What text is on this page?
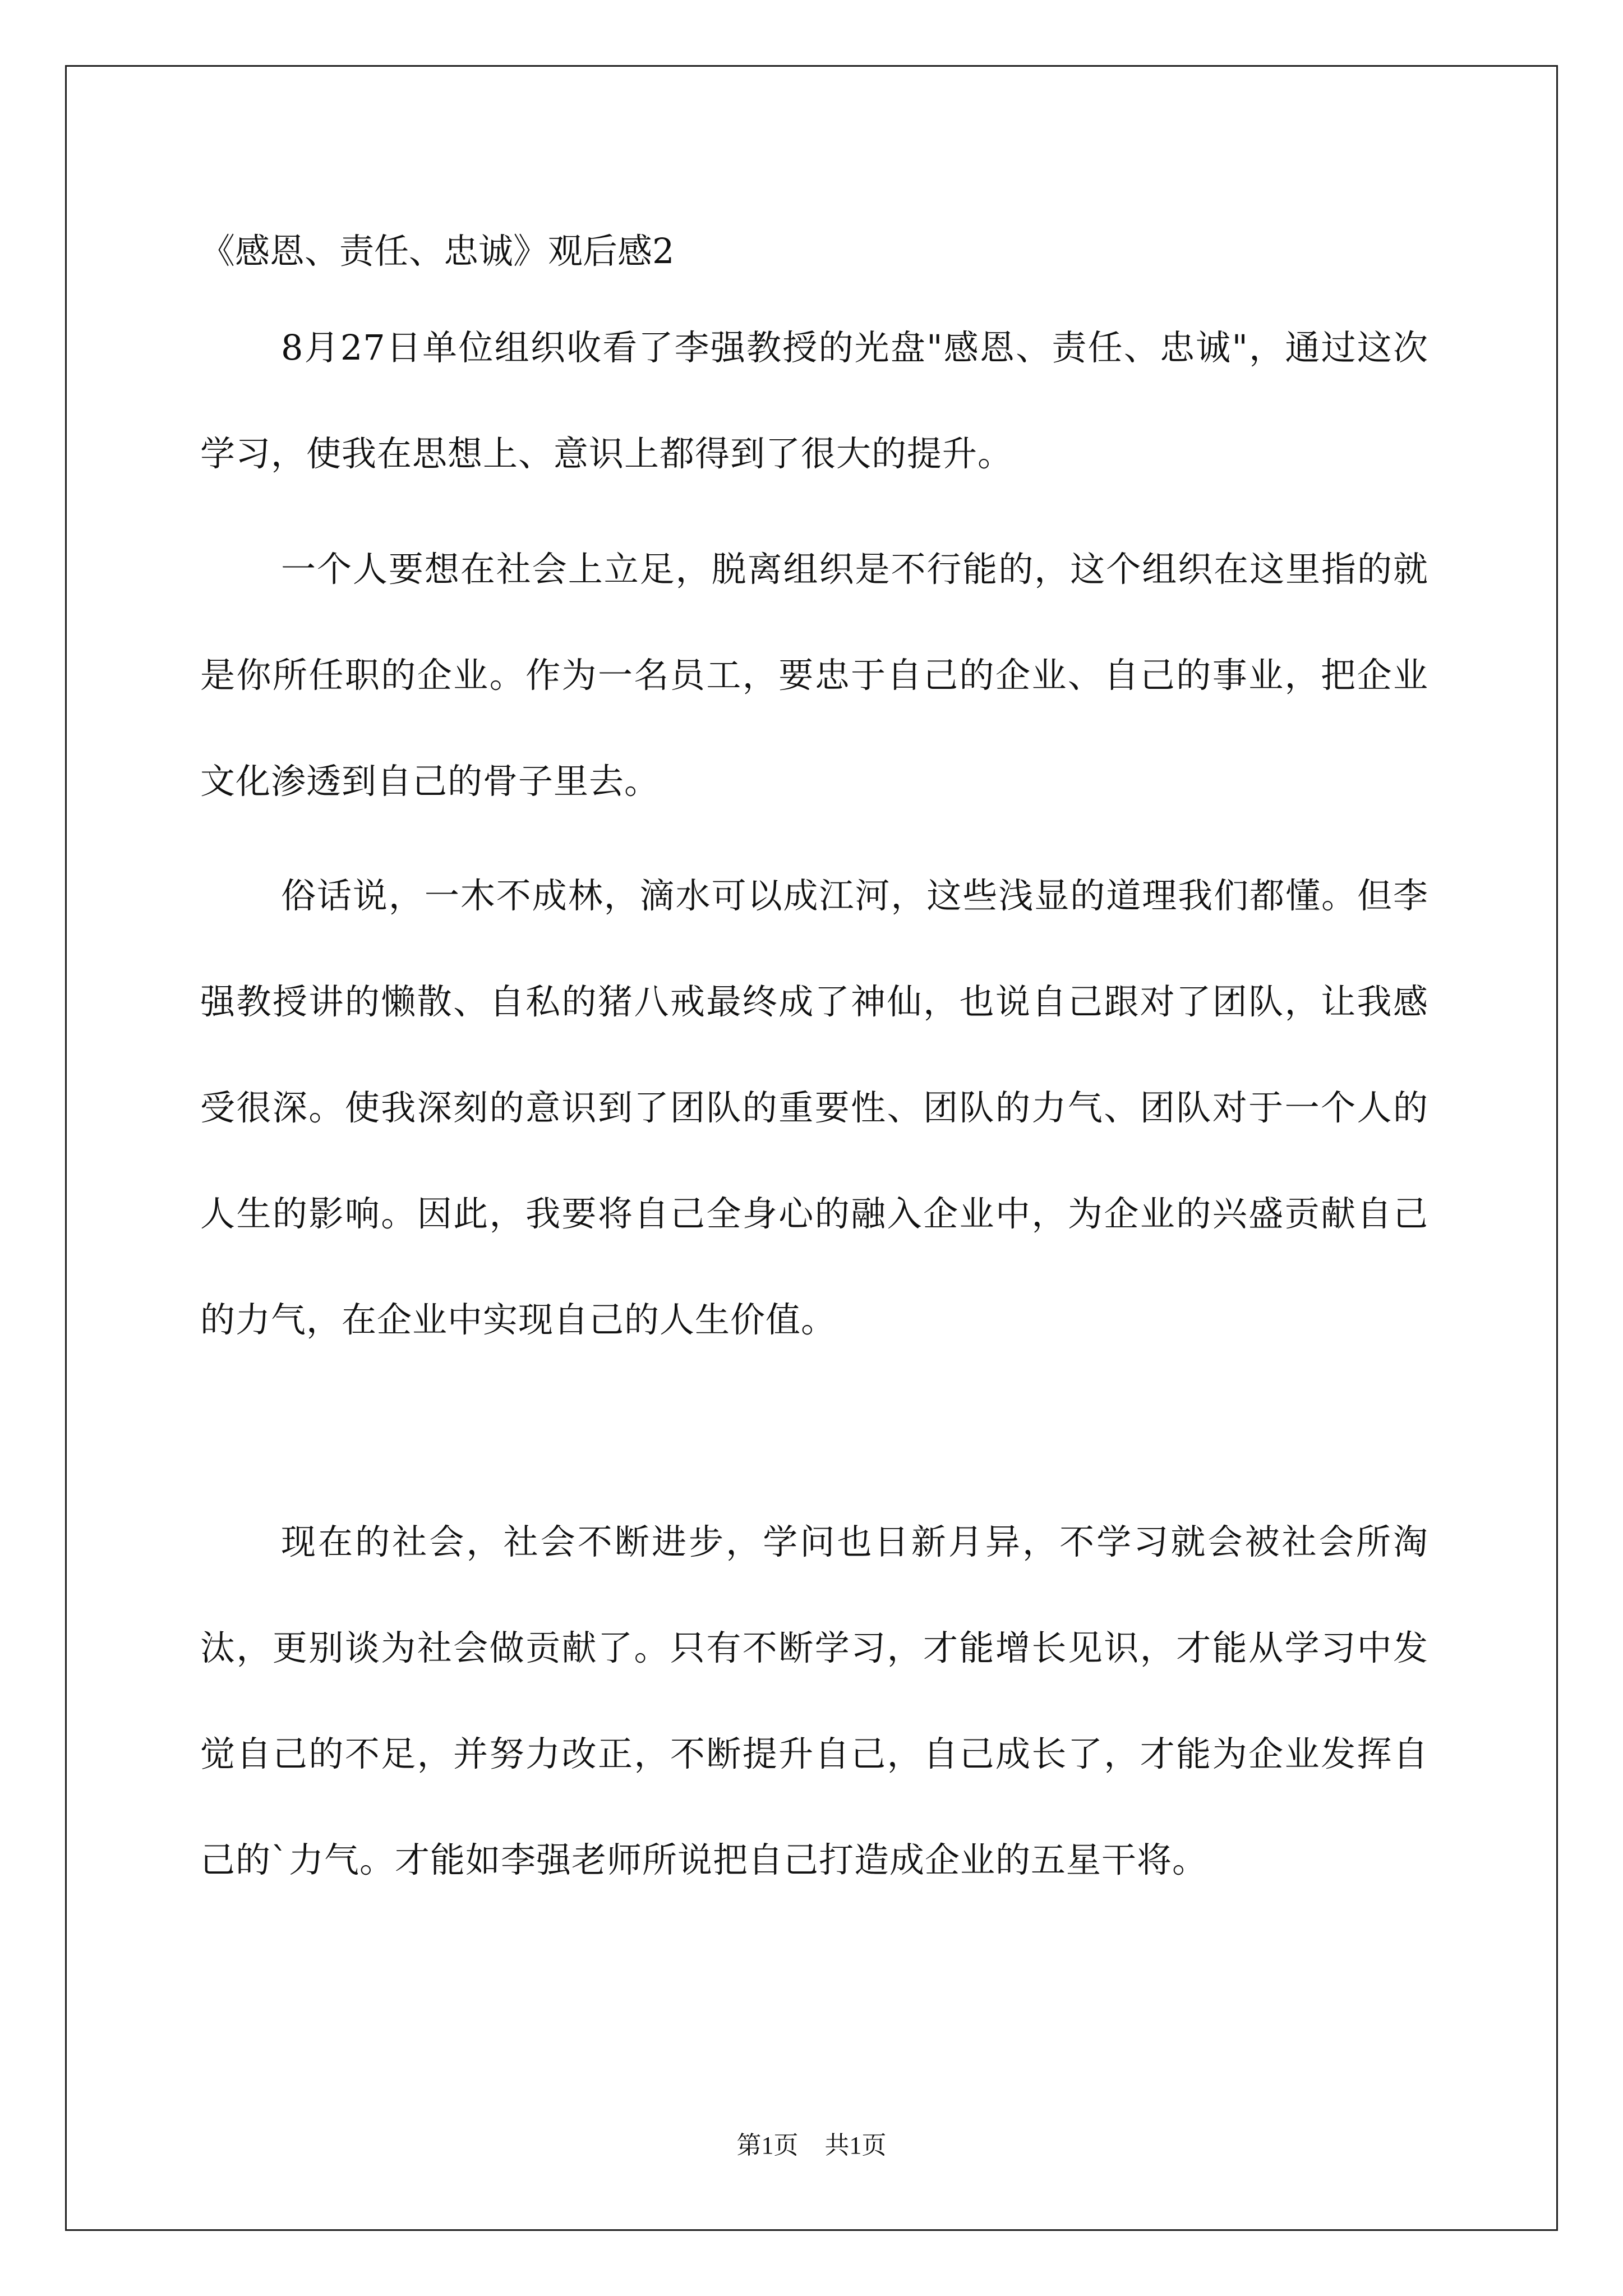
《感恩、责任、忠诚》观后感2

8月27日单位组织收看了李强教授的光盘"感恩、责任、忠诚"，通过这次学习，使我在思想上、意识上都得到了很大的提升。

一个人要想在社会上立足，脱离组织是不行能的，这个组织在这里指的就是你所任职的企业。作为一名员工，要忠于自己的企业、自己的事业，把企业文化渗透到自己的骨子里去。

俗话说，一木不成林，滴水可以成江河，这些浅显的道理我们都懂。但李强教授讲的懒散、自私的猪八戒最终成了神仙，也说自己跟对了团队，让我感受很深。使我深刻的意识到了团队的重要性、团队的力气、团队对于一个人的人生的影响。因此，我要将自己全身心的融入企业中，为企业的兴盛贡献自己的力气，在企业中实现自己的人生价值。

现在的社会，社会不断进步，学问也日新月异，不学习就会被社会所淘汰，更别谈为社会做贡献了。只有不断学习，才能增长见识，才能从学习中发觉自己的不足，并努力改正，不断提升自己，自己成长了，才能为企业发挥自己的`力气。才能如李强老师所说把自己打造成企业的五星干将。

第1页 共1页
